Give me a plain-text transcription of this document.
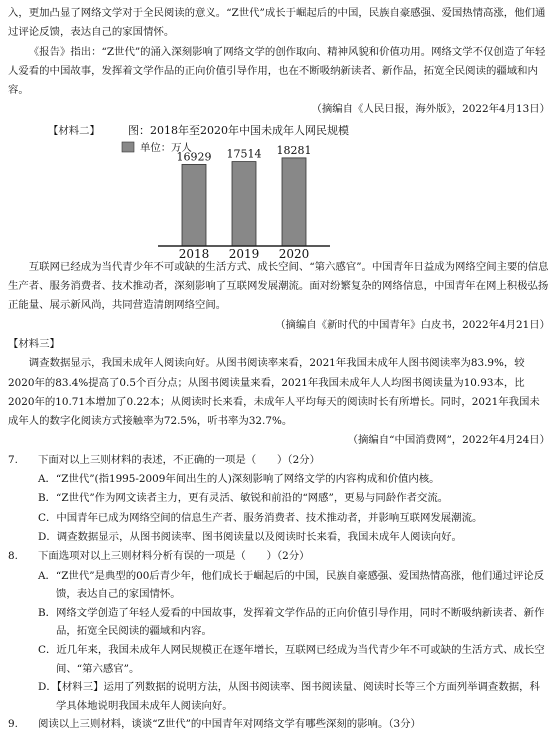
入，更加凸显了网络文学对于全民阅读的意义。“Z世代”成长于崛起后的中国，民族自豪感强、爱国热情高涨，他们通过评论反馈，表达自己的家国情怀。

《报告》指出：“Z世代”的涌入深刻影响了网络文学的创作取向、精神风貌和价值功用。网络文学不仅创造了年轻人爱看的中国故事，发挥着文学作品的正向价值引导作用，也在不断吸纳新读者、新作品，拓宽全民阅读的疆域和内容。

（摘编自《人民日报，海外版》，2022年4月13日）

【材料二】	图：2018年至2020年中国未成年人网民规模
单位：万人
16929
2018
17514
2019
18281
2020

互联网已经成为当代青少年不可或缺的生活方式、成长空间、“第六感官”。中国青年日益成为网络空间主要的信息生产者、服务消费者、技术推动者，深刻影响了互联网发展潮流。面对纷繁复杂的网络信息，中国青年在网上积极弘扬正能量、展示新风尚，共同营造清朗网络空间。

（摘编自《新时代的中国青年》白皮书，2022年4月21日）

【材料三】

调查数据显示，我国未成年人阅读向好。从图书阅读率来看，2021年我国未成年人图书阅读率为83.9%，较2020年的83.4%提高了0.5个百分点；从图书阅读量来看，2021年我国未成年人人均图书阅读量为10.93本，比2020年的10.71本增加了0.22本；从阅读时长来看，未成年人平均每天的阅读时长有所增长。同时，2021年我国未成年人的数字化阅读方式接触率为72.5%，听书率为32.7%。

（摘编自“中国消费网”，2022年4月24日）

7. 下面对以上三则材料的表述，不正确的一项是（　　）（2分）

A．“Z世代”(指1995-2009年间出生的人)深刻影响了网络文学的内容构成和价值内核。

B．“Z世代”作为网文读者主力，更有灵活、敏锐和前沿的“网感”，更易与同龄作者交流。

C．中国青年已成为网络空间的信息生产者、服务消费者、技术推动者，并影响互联网发展潮流。

D．调查数据显示，从图书阅读率、图书阅读量以及阅读时长来看，我国未成年人阅读向好。

8. 下面选项对以上三则材料分析有误的一项是（　　）（2分）

A．“Z世代”是典型的00后青少年，他们成长于崛起后的中国，民族自豪感强、爱国热情高涨，他们通过评论反馈，表达自己的家国情怀。

B．网络文学创造了年轻人爱看的中国故事，发挥着文学作品的正向价值引导作用，同时不断吸纳新读者、新作品，拓宽全民阅读的疆域和内容。

C．近几年来，我国未成年人网民规模正在逐年增长，互联网已经成为当代青少年不可或缺的生活方式、成长空间、“第六感官”。

D．【材料三】运用了列数据的说明方法，从图书阅读率、图书阅读量、阅读时长等三个方面列举调查数据，科学具体地说明我国未成年人阅读向好。

9. 阅读以上三则材料，谈谈“Z世代”的中国青年对网络文学有哪些深刻的影响。（3分）
